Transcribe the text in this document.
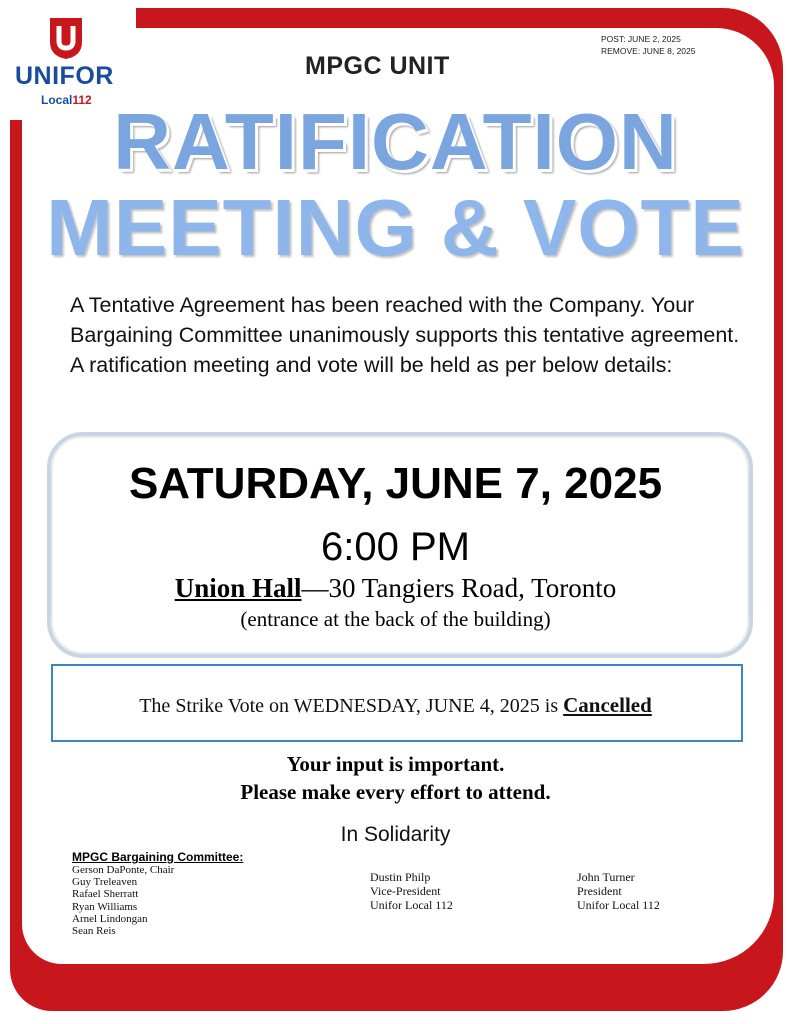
UNIFOR
Local112
POST: JUNE 2, 2025
REMOVE: JUNE 8, 2025
MPGC UNIT
RATIFICATION
MEETING & VOTE
A Tentative Agreement has been reached with the Company. Your Bargaining Committee unanimously supports this tentative agreement. A ratification meeting and vote will be held as per below details:
SATURDAY, JUNE 7, 2025
6:00 PM
Union Hall—30 Tangiers Road, Toronto
(entrance at the back of the building)
The Strike Vote on WEDNESDAY, JUNE 4, 2025 is Cancelled
Your input is important.
Please make every effort to attend.
In Solidarity
MPGC Bargaining Committee:
Gerson DaPonte, Chair
Guy Treleaven
Rafael Sherratt
Ryan Williams
Arnel Lindongan
Sean Reis
Dustin Philp
Vice-President
Unifor Local 112
John Turner
President
Unifor Local 112
